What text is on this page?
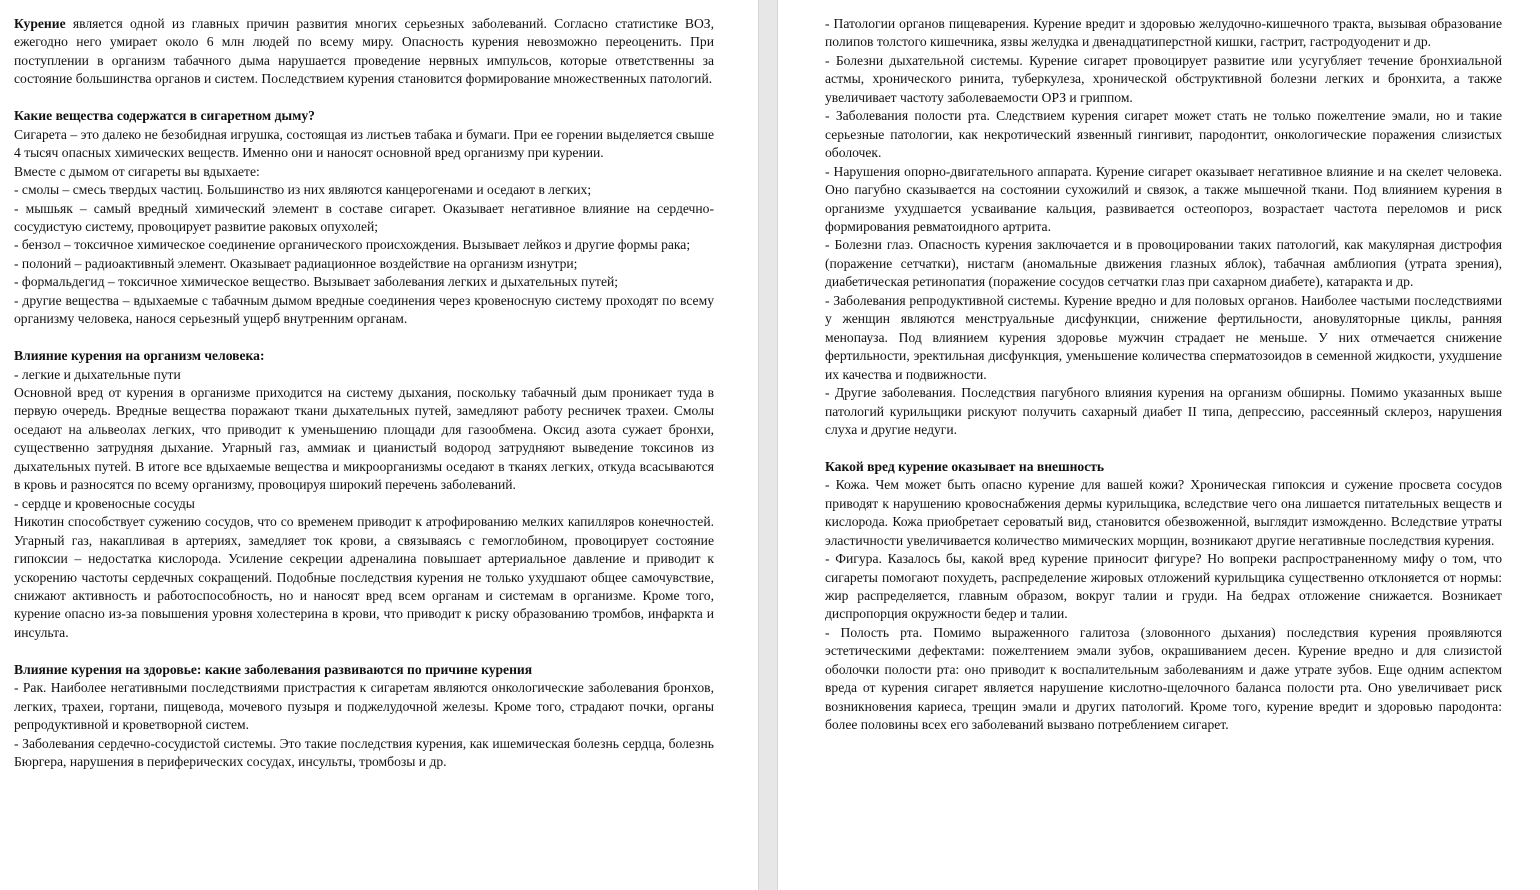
Курение является одной из главных причин развития многих серьезных заболеваний. Согласно статистике ВОЗ, ежегодно него умирает около 6 млн людей по всему миру. Опасность курения невозможно переоценить. При поступлении в организм табачного дыма нарушается проведение нервных импульсов, которые ответственны за состояние большинства органов и систем. Последствием курения становится формирование множественных патологий.

Какие вещества содержатся в сигаретном дыму?

Сигарета – это далеко не безобидная игрушка, состоящая из листьев табака и бумаги. При ее горении выделяется свыше 4 тысяч опасных химических веществ. Именно они и наносят основной вред организму при курении.

Вместе с дымом от сигареты вы вдыхаете:

- смолы – смесь твердых частиц. Большинство из них являются канцерогенами и оседают в легких;

- мышьяк – самый вредный химический элемент в составе сигарет. Оказывает негативное влияние на сердечно-сосудистую систему, провоцирует развитие раковых опухолей;

- бензол – токсичное химическое соединение органического происхождения. Вызывает лейкоз и другие формы рака;

- полоний – радиоактивный элемент. Оказывает радиационное воздействие на организм изнутри;

- формальдегид – токсичное химическое вещество. Вызывает заболевания легких и дыхательных путей;

- другие вещества – вдыхаемые с табачным дымом вредные соединения через кровеносную систему проходят по всему организму человека, нанося серьезный ущерб внутренним органам.

Влияние курения на организм человека:

- легкие и дыхательные пути

Основной вред от курения в организме приходится на систему дыхания, поскольку табачный дым проникает туда в первую очередь. Вредные вещества поражают ткани дыхательных путей, замедляют работу ресничек трахеи. Смолы оседают на альвеолах легких, что приводит к уменьшению площади для газообмена. Оксид азота сужает бронхи, существенно затрудняя дыхание. Угарный газ, аммиак и цианистый водород затрудняют выведение токсинов из дыхательных путей. В итоге все вдыхаемые вещества и микроорганизмы оседают в тканях легких, откуда всасываются в кровь и разносятся по всему организму, провоцируя широкий перечень заболеваний.

- сердце и кровеносные сосуды

Никотин способствует сужению сосудов, что со временем приводит к атрофированию мелких капилляров конечностей. Угарный газ, накапливая в артериях, замедляет ток крови, а связываясь с гемоглобином, провоцирует состояние гипоксии – недостатка кислорода. Усиление секреции адреналина повышает артериальное давление и приводит к ускорению частоты сердечных сокращений. Подобные последствия курения не только ухудшают общее самочувствие, снижают активность и работоспособность, но и наносят вред всем органам и системам в организме. Кроме того, курение опасно из-за повышения уровня холестерина в крови, что приводит к риску образованию тромбов, инфаркта и инсульта.

Влияние курения на здоровье: какие заболевания развиваются по причине курения

- Рак. Наиболее негативными последствиями пристрастия к сигаретам являются онкологические заболевания бронхов, легких, трахеи, гортани, пищевода, мочевого пузыря и поджелудочной железы. Кроме того, страдают почки, органы репродуктивной и кроветворной систем.

- Заболевания сердечно-сосудистой системы. Это такие последствия курения, как ишемическая болезнь сердца, болезнь Бюргера, нарушения в периферических сосудах, инсульты, тромбозы и др.

- Патологии органов пищеварения. Курение вредит и здоровью желудочно-кишечного тракта, вызывая образование полипов толстого кишечника, язвы желудка и двенадцатиперстной кишки, гастрит, гастродуоденит и др.

- Болезни дыхательной системы. Курение сигарет провоцирует развитие или усугубляет течение бронхиальной астмы, хронического ринита, туберкулеза, хронической обструктивной болезни легких и бронхита, а также увеличивает частоту заболеваемости ОРЗ и гриппом.

- Заболевания полости рта. Следствием курения сигарет может стать не только пожелтение эмали, но и такие серьезные патологии, как некротический язвенный гингивит, пародонтит, онкологические поражения слизистых оболочек.

- Нарушения опорно-двигательного аппарата. Курение сигарет оказывает негативное влияние и на скелет человека. Оно пагубно сказывается на состоянии сухожилий и связок, а также мышечной ткани. Под влиянием курения в организме ухудшается усваивание кальция, развивается остеопороз, возрастает частота переломов и риск формирования ревматоидного артрита.

- Болезни глаз. Опасность курения заключается и в провоцировании таких патологий, как макулярная дистрофия (поражение сетчатки), нистагм (аномальные движения глазных яблок), табачная амблиопия (утрата зрения), диабетическая ретинопатия (поражение сосудов сетчатки глаз при сахарном диабете), катаракта и др.

- Заболевания репродуктивной системы. Курение вредно и для половых органов. Наиболее частыми последствиями у женщин являются менструальные дисфункции, снижение фертильности, ановуляторные циклы, ранняя менопауза. Под влиянием курения здоровье мужчин страдает не меньше. У них отмечается снижение фертильности, эректильная дисфункция, уменьшение количества сперматозоидов в семенной жидкости, ухудшение их качества и подвижности.

- Другие заболевания. Последствия пагубного влияния курения на организм обширны. Помимо указанных выше патологий курильщики рискуют получить сахарный диабет II типа, депрессию, рассеянный склероз, нарушения слуха и другие недуги.

Какой вред курение оказывает на внешность

- Кожа. Чем может быть опасно курение для вашей кожи? Хроническая гипоксия и сужение просвета сосудов приводят к нарушению кровоснабжения дермы курильщика, вследствие чего она лишается питательных веществ и кислорода. Кожа приобретает сероватый вид, становится обезвоженной, выглядит изможденно. Вследствие утраты эластичности увеличивается количество мимических морщин, возникают другие негативные последствия курения.

- Фигура. Казалось бы, какой вред курение приносит фигуре? Но вопреки распространенному мифу о том, что сигареты помогают похудеть, распределение жировых отложений курильщика существенно отклоняется от нормы: жир распределяется, главным образом, вокруг талии и груди. На бедрах отложение снижается. Возникает диспропорция окружности бедер и талии.

- Полость рта. Помимо выраженного галитоза (зловонного дыхания) последствия курения проявляются эстетическими дефектами: пожелтением эмали зубов, окрашиванием десен. Курение вредно и для слизистой оболочки полости рта: оно приводит к воспалительным заболеваниям и даже утрате зубов. Еще одним аспектом вреда от курения сигарет является нарушение кислотно-щелочного баланса полости рта. Оно увеличивает риск возникновения кариеса, трещин эмали и других патологий. Кроме того, курение вредит и здоровью пародонта: более половины всех его заболеваний вызвано потреблением сигарет.
